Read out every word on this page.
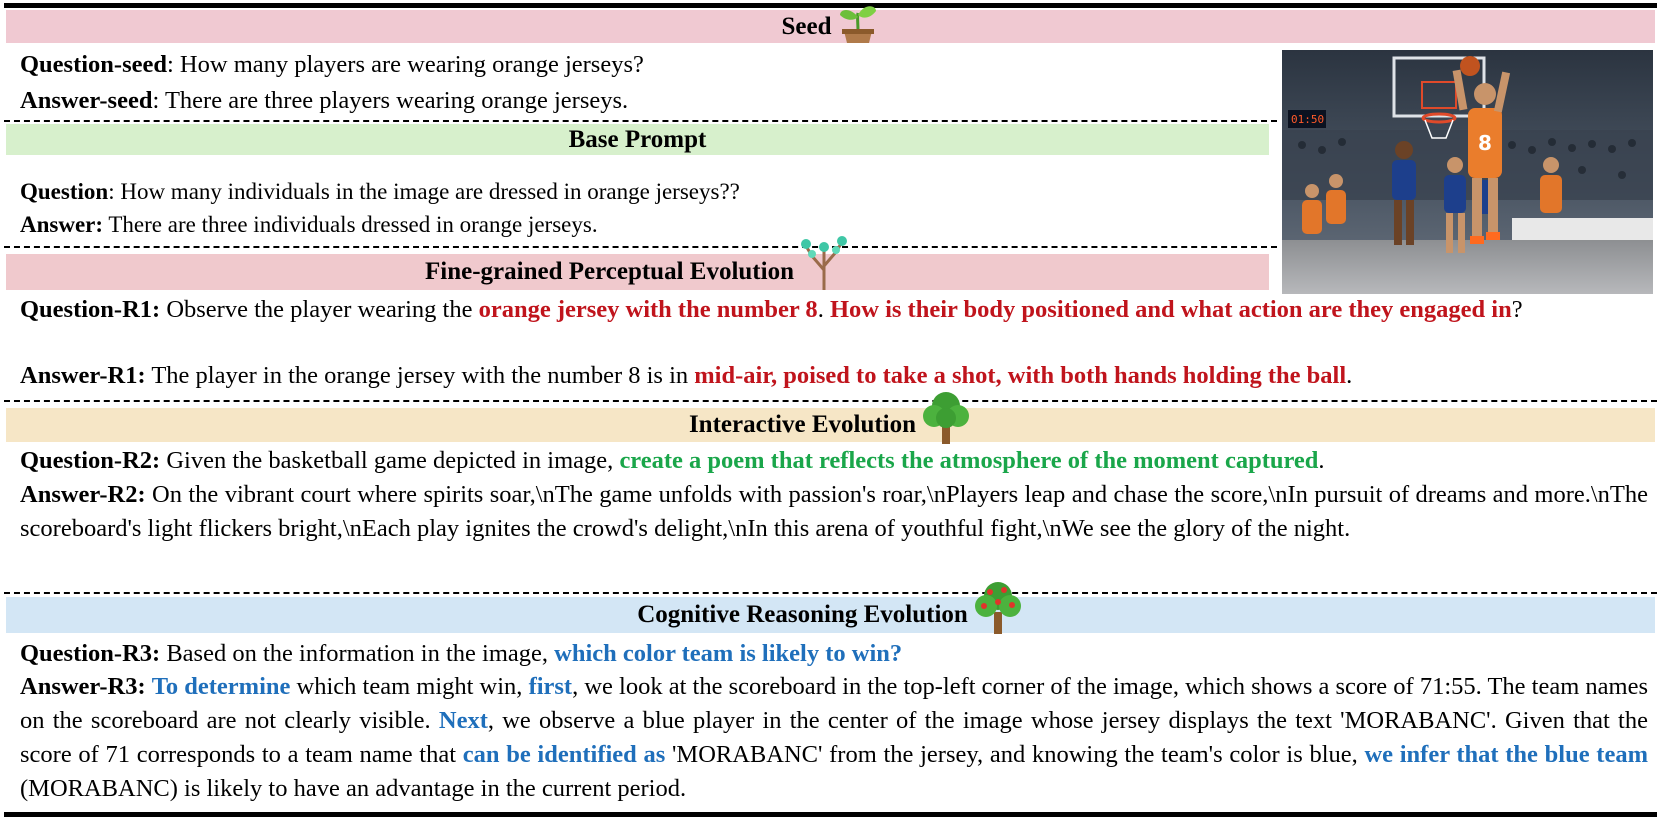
Seed
Question-seed: How many players are wearing orange jerseys?
Answer-seed: There are three players wearing orange jerseys.
01:50
8
Base Prompt
Question: How many individuals in the image are dressed in orange jerseys??
Answer: There are three individuals dressed in orange jerseys.
Fine-grained Perceptual Evolution
Question-R1: Observe the player wearing the orange jersey with the number 8. How is their body positioned and what action are they engaged in?
Answer-R1: The player in the orange jersey with the number 8 is in mid-air, poised to take a shot, with both hands holding the ball.
Interactive Evolution
Question-R2: Given the basketball game depicted in image, create a poem that reflects the atmosphere of the moment captured.
Answer-R2: On the vibrant court where spirits soar,\nThe game unfolds with passion's roar,\nPlayers leap and chase the score,\nIn pursuit of dreams and more.\nThe scoreboard's light flickers bright,\nEach play ignites the crowd's delight,\nIn this arena of youthful fight,\nWe see the glory of the night.
Cognitive Reasoning Evolution
Question-R3: Based on the information in the image, which color team is likely to win?
Answer-R3: To determine which team might win, first, we look at the scoreboard in the top-left corner of the image, which shows a score of 71:55. The team names on the scoreboard are not clearly visible. Next, we observe a blue player in the center of the image whose jersey displays the text 'MORABANC'. Given that the score of 71 corresponds to a team name that can be identified as 'MORABANC' from the jersey, and knowing the team's color is blue, we infer that the blue team (MORABANC) is likely to have an advantage in the current period.
